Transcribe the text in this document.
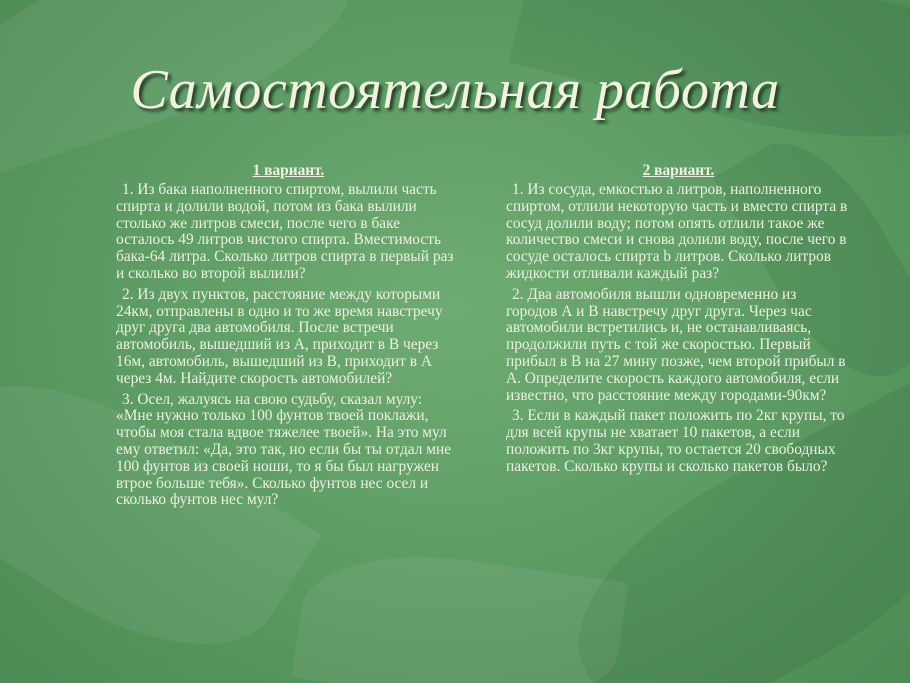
Самостоятельная работа
1 вариант.

1. Из бака наполненного спиртом, вылили часть спирта и долили водой, потом из бака вылили столько же литров смеси, после чего в баке осталось 49 литров чистого спирта. Вместимость бака-64 литра. Сколько литров спирта в первый раз и сколько во второй вылили?

2. Из двух пунктов, расстояние между которыми 24км, отправлены в одно и то же время навстречу друг друга два автомобиля. После встречи автомобиль, вышедший из А, приходит в В через 16м, автомобиль, вышедший из В, приходит в А через 4м. Найдите скорость автомобилей?

3. Осел, жалуясь на свою судьбу, сказал мулу: «Мне нужно только 100 фунтов твоей поклажи, чтобы моя стала вдвое тяжелее твоей». На это мул ему ответил: «Да, это так, но если бы ты отдал мне 100 фунтов из своей ноши, то я бы был нагружен втрое больше тебя». Сколько фунтов нес осел и сколько фунтов нес мул?

2 вариант.

1. Из сосуда, емкостью a литров, наполненного спиртом, отлили некоторую часть и вместо спирта в сосуд долили воду; потом опять отлили такое же количество смеси и снова долили воду, после чего в сосуде осталось спирта b литров. Сколько литров жидкости отливали каждый раз?

2. Два автомобиля вышли одновременно из городов А и В навстречу друг друга. Через час автомобили встретились и, не останавливаясь, продолжили путь с той же скоростью. Первый прибыл в В на 27 мину позже, чем второй прибыл в А. Определите скорость каждого автомобиля, если известно, что расстояние между городами-90км?

3. Если в каждый пакет положить по 2кг крупы, то для всей крупы не хватает 10 пакетов, а если положить по 3кг крупы, то остается 20 свободных пакетов. Сколько крупы и сколько пакетов было?
